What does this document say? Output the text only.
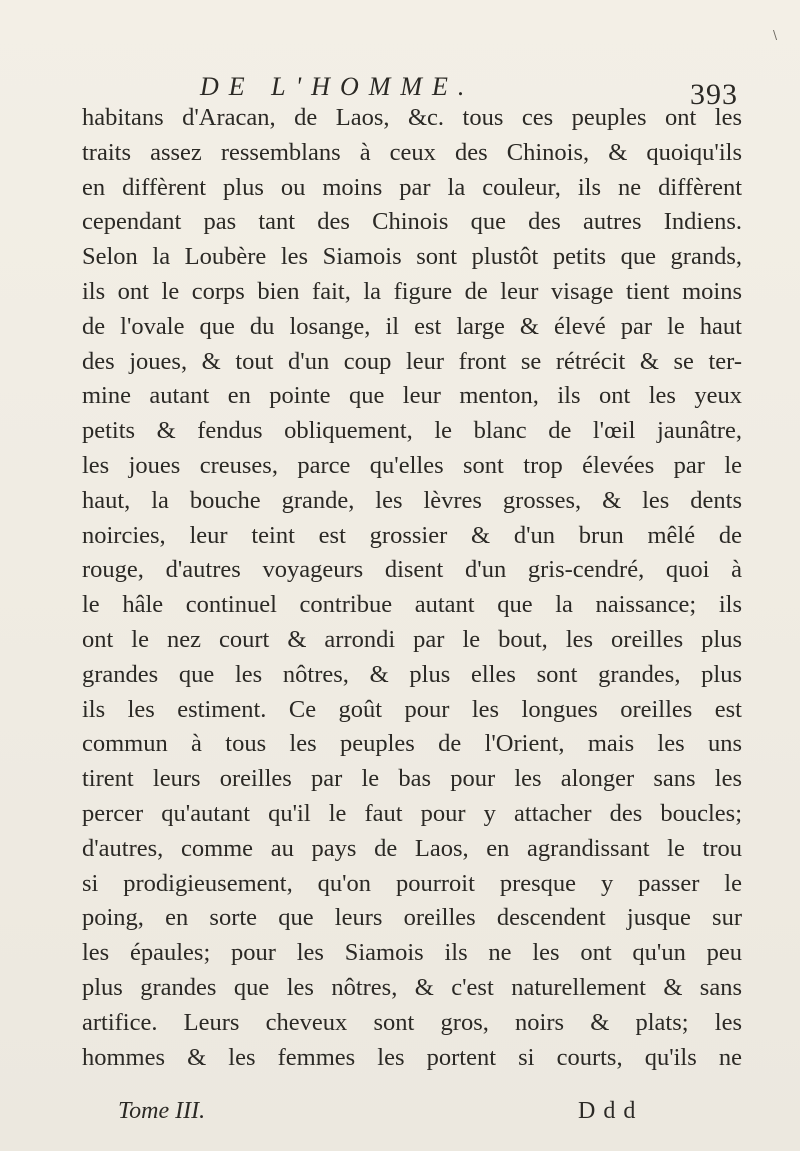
\
DE L'HOMME.	393
habitans d'Aracan, de Laos, &c. tous ces peuples ont les
traits assez ressemblans à ceux des Chinois, & quoiqu'ils
en diffèrent plus ou moins par la couleur, ils ne diffèrent
cependant pas tant des Chinois que des autres Indiens.
Selon la Loubère les Siamois sont plustôt petits que grands,
ils ont le corps bien fait, la figure de leur visage tient moins
de l'ovale que du losange, il est large & élevé par le haut
des joues, & tout d'un coup leur front se rétrécit & se ter-
mine autant en pointe que leur menton, ils ont les yeux
petits & fendus obliquement, le blanc de l'œil jaunâtre,
les joues creuses, parce qu'elles sont trop élevées par le
haut, la bouche grande, les lèvres grosses, & les dents
noircies, leur teint est grossier & d'un brun mêlé de
rouge, d'autres voyageurs disent d'un gris-cendré, quoi à
le hâle continuel contribue autant que la naissance; ils
ont le nez court & arrondi par le bout, les oreilles plus
grandes que les nôtres, & plus elles sont grandes, plus
ils les estiment. Ce goût pour les longues oreilles est
commun à tous les peuples de l'Orient, mais les uns
tirent leurs oreilles par le bas pour les alonger sans les
percer qu'autant qu'il le faut pour y attacher des boucles;
d'autres, comme au pays de Laos, en agrandissant le trou
si prodigieusement, qu'on pourroit presque y passer le
poing, en sorte que leurs oreilles descendent jusque sur
les épaules; pour les Siamois ils ne les ont qu'un peu
plus grandes que les nôtres, & c'est naturellement & sans
artifice. Leurs cheveux sont gros, noirs & plats; les
hommes & les femmes les portent si courts, qu'ils ne
Tome III.	D d d
